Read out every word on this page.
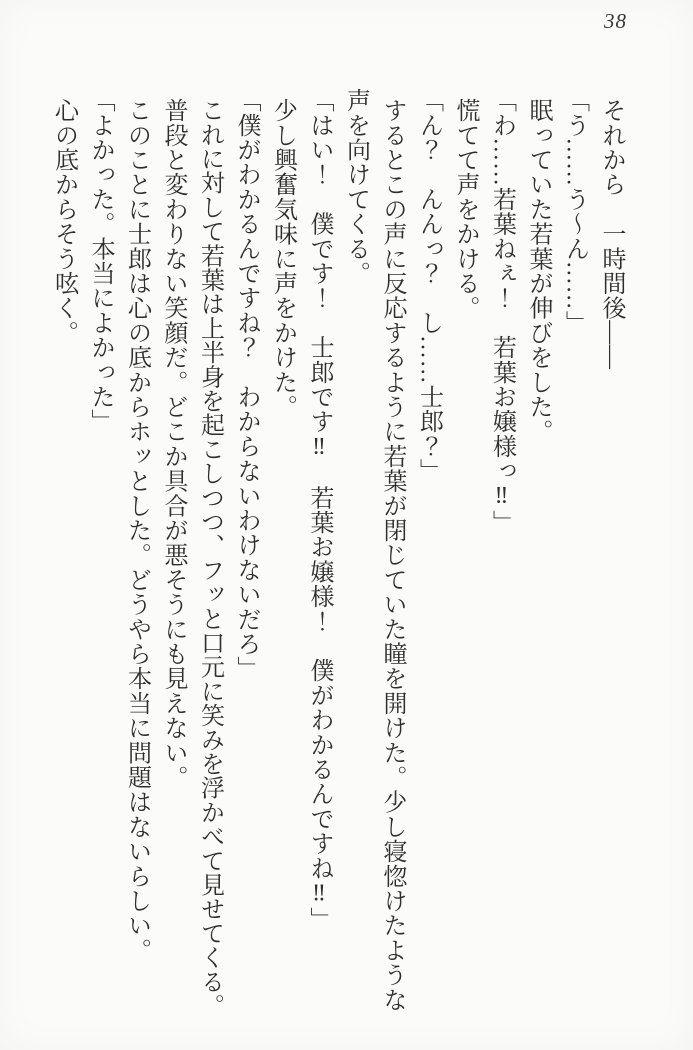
38

それから　一時間後――

「う……う～ん……」

眠っていた若葉が伸びをした。

「わ……若葉ねぇ！　若葉お嬢様っ‼」

慌てて声をかける。

「ん？　んんっ？　し……士郎？」

するとこの声に反応するように若葉が閉じていた瞳を開けた。少し寝惚けたような声を向けてくる。

「はい！　僕です！　士郎です‼　若葉お嬢様！　僕がわかるんですね‼」

少し興奮気味に声をかけた。

「僕がわかるんですね？　わからないわけないだろ」

これに対して若葉は上半身を起こしつつ、フッと口元に笑みを浮かべて見せてくる。

普段と変わりない笑顔だ。どこか具合が悪そうにも見えない。

このことに士郎は心の底からホッとした。どうやら本当に問題はないらしい。

「よかった。本当によかった」

心の底からそう呟く。
